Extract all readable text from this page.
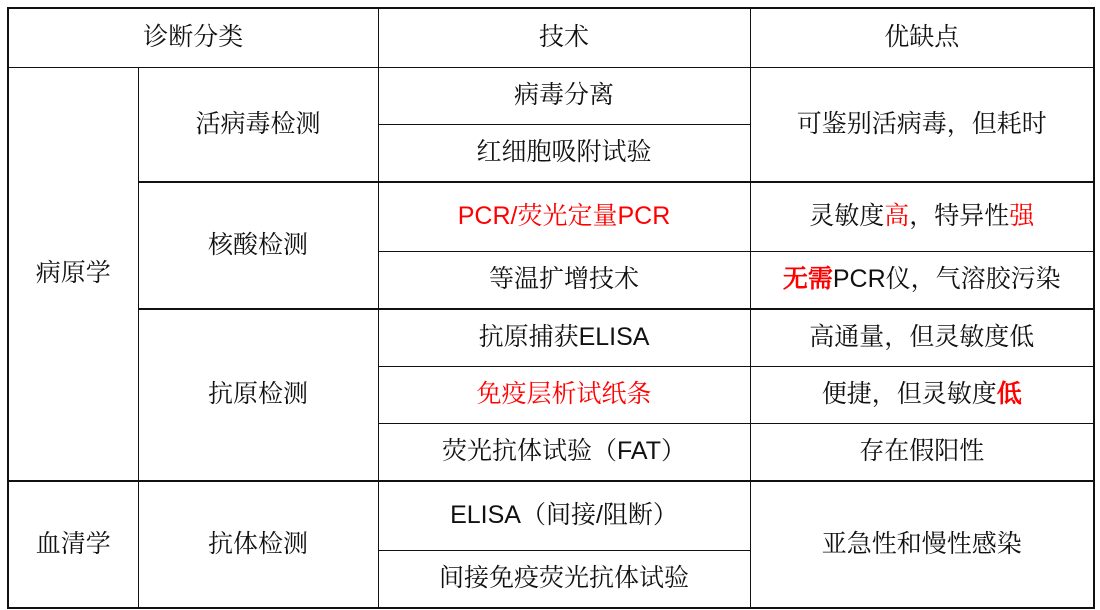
诊断分类		技术	优缺点
病原学	活病毒检测	病毒分离	可鉴别活病毒，但耗时
		红细胞吸附试验	
	核酸检测	PCR/荧光定量PCR	灵敏度高，特异性强
		等温扩增技术	无需PCR仪，气溶胶污染
	抗原检测	抗原捕获ELISA	高通量，但灵敏度低
		免疫层析试纸条	便捷，但灵敏度低
		荧光抗体试验（FAT）	存在假阳性
血清学	抗体检测	ELISA（间接/阻断）	亚急性和慢性感染
		间接免疫荧光抗体试验	
